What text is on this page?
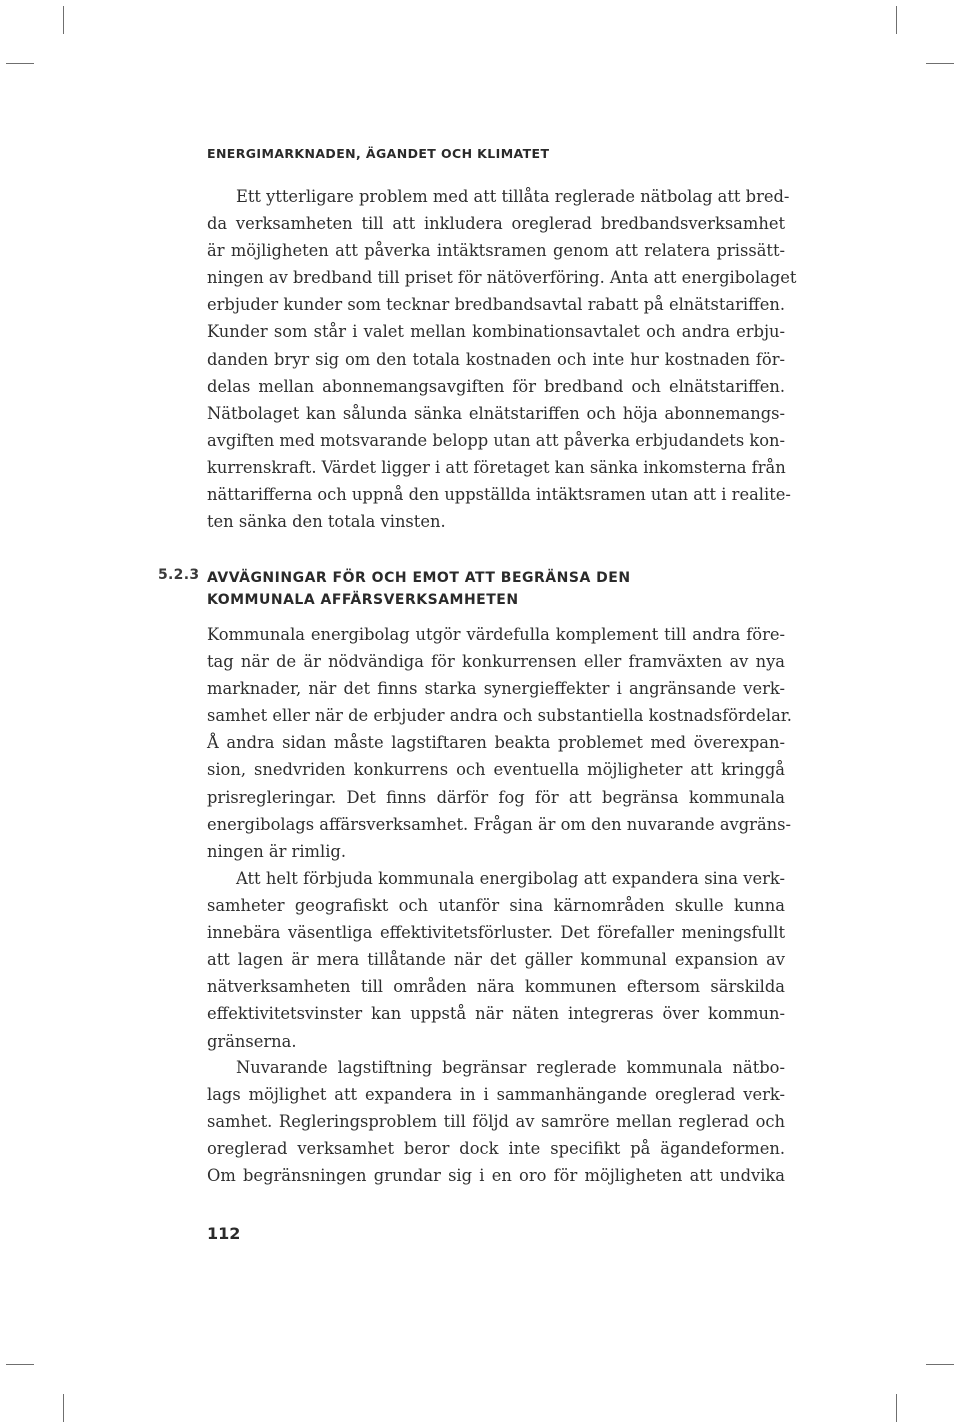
ENERGIMARKNADEN, ÄGANDET OCH KLIMATET
Ett ytterligare problem med att tillåta reglerade nätbolag att bred-
da verksamheten till att inkludera oreglerad bredbandsverksamhet
är möjligheten att påverka intäktsramen genom att relatera prissätt-
ningen av bredband till priset för nätöverföring. Anta att energibolaget
erbjuder kunder som tecknar bredbandsavtal rabatt på elnätstariffen.
Kunder som står i valet mellan kombinationsavtalet och andra erbju-
danden bryr sig om den totala kostnaden och inte hur kostnaden för-
delas mellan abonnemangsavgiften för bredband och elnätstariffen.
Nätbolaget kan sålunda sänka elnätstariffen och höja abonnemangs-
avgiften med motsvarande belopp utan att påverka erbjudandets kon-
kurrenskraft. Värdet ligger i att företaget kan sänka inkomsterna från
nättarifferna och uppnå den uppställda intäktsramen utan att i realite-
ten sänka den totala vinsten.
5.2.3 AVVÄGNINGAR FÖR OCH EMOT ATT BEGRÄNSA DEN
KOMMUNALA AFFÄRSVERKSAMHETEN
Kommunala energibolag utgör värdefulla komplement till andra före-
tag när de är nödvändiga för konkurrensen eller framväxten av nya
marknader, när det finns starka synergieffekter i angränsande verk-
samhet eller när de erbjuder andra och substantiella kostnadsfördelar.
Å andra sidan måste lagstiftaren beakta problemet med överexpan-
sion, snedvriden konkurrens och eventuella möjligheter att kringgå
prisregleringar. Det finns därför fog för att begränsa kommunala
energibolags affärsverksamhet. Frågan är om den nuvarande avgräns-
ningen är rimlig.
Att helt förbjuda kommunala energibolag att expandera sina verk-
samheter geografiskt och utanför sina kärnområden skulle kunna
innebära väsentliga effektivitetsförluster. Det förefaller meningsfullt
att lagen är mera tillåtande när det gäller kommunal expansion av
nätverksamheten till områden nära kommunen eftersom särskilda
effektivitetsvinster kan uppstå när näten integreras över kommun-
gränserna.
Nuvarande lagstiftning begränsar reglerade kommunala nätbo-
lags möjlighet att expandera in i sammanhängande oreglerad verk-
samhet. Regleringsproblem till följd av samröre mellan reglerad och
oreglerad verksamhet beror dock inte specifikt på ägandeformen.
Om begränsningen grundar sig i en oro för möjligheten att undvika
112
